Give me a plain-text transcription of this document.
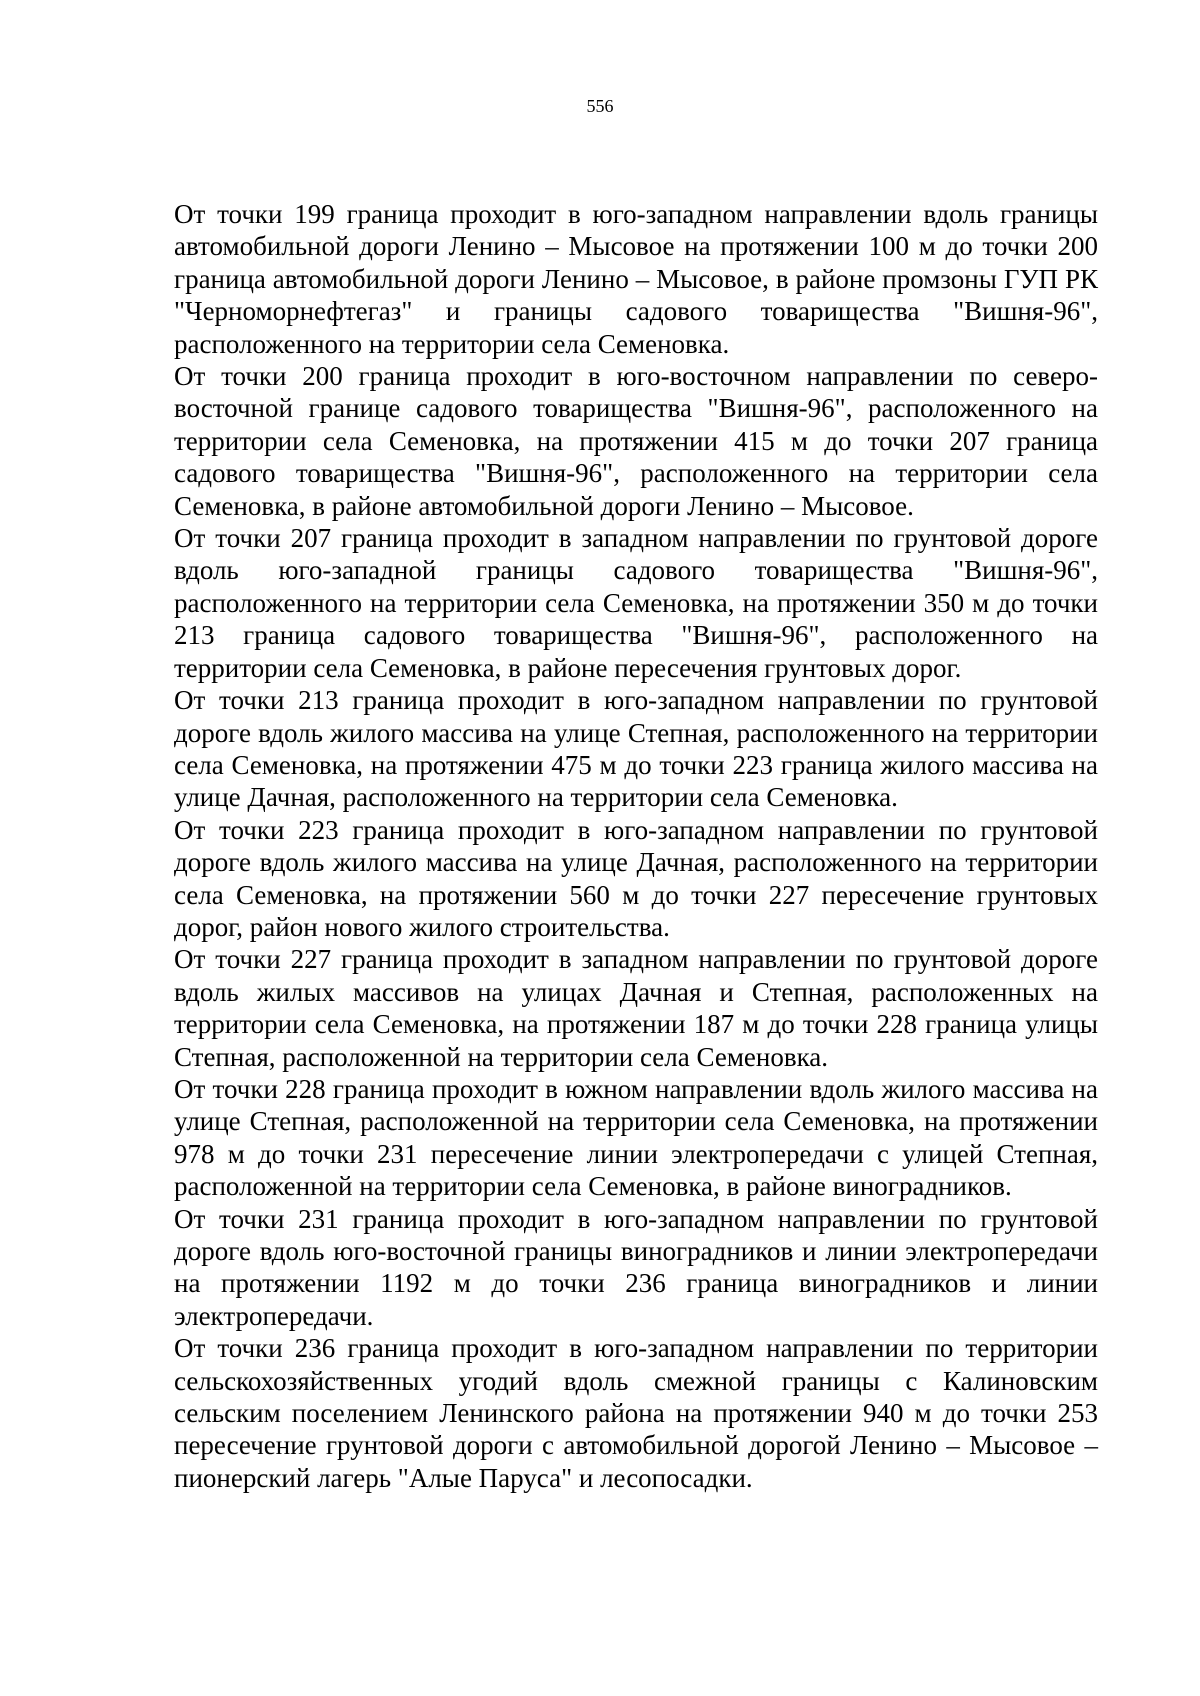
556

От точки 199 граница проходит в юго-западном направлении вдоль границы автомобильной дороги Ленино – Мысовое на протяжении 100 м до точки 200 граница автомобильной дороги Ленино – Мысовое, в районе промзоны ГУП РК "Черноморнефтегаз" и границы садового товарищества "Вишня-96", расположенного на территории села Семеновка.

От точки 200 граница проходит в юго-восточном направлении по северо-восточной границе садового товарищества "Вишня-96", расположенного на территории села Семеновка, на протяжении 415 м до точки 207 граница садового товарищества "Вишня-96", расположенного на территории села Семеновка, в районе автомобильной дороги Ленино – Мысовое.

От точки 207 граница проходит в западном направлении по грунтовой дороге вдоль юго-западной границы садового товарищества "Вишня-96", расположенного на территории села Семеновка, на протяжении 350 м до точки 213 граница садового товарищества "Вишня-96", расположенного на территории села Семеновка, в районе пересечения грунтовых дорог.

От точки 213 граница проходит в юго-западном направлении по грунтовой дороге вдоль жилого массива на улице Степная, расположенного на территории села Семеновка, на протяжении 475 м до точки 223 граница жилого массива на улице Дачная, расположенного на территории села Семеновка.

От точки 223 граница проходит в юго-западном направлении по грунтовой дороге вдоль жилого массива на улице Дачная, расположенного на территории села Семеновка, на протяжении 560 м до точки 227 пересечение грунтовых дорог, район нового жилого строительства.

От точки 227 граница проходит в западном направлении по грунтовой дороге вдоль жилых массивов на улицах Дачная и Степная, расположенных на территории села Семеновка, на протяжении 187 м до точки 228 граница улицы Степная, расположенной на территории села Семеновка.

От точки 228 граница проходит в южном направлении вдоль жилого массива на улице Степная, расположенной на территории села Семеновка, на протяжении 978 м до точки 231 пересечение линии электропередачи с улицей Степная, расположенной на территории села Семеновка, в районе виноградников.

От точки 231 граница проходит в юго-западном направлении по грунтовой дороге вдоль юго-восточной границы виноградников и линии электропередачи на протяжении 1192 м до точки 236 граница виноградников и линии электропередачи.

От точки 236 граница проходит в юго-западном направлении по территории сельскохозяйственных угодий вдоль смежной границы с Калиновским сельским поселением Ленинского района на протяжении 940 м до точки 253 пересечение грунтовой дороги с автомобильной дорогой Ленино – Мысовое – пионерский лагерь "Алые Паруса" и лесопосадки.
